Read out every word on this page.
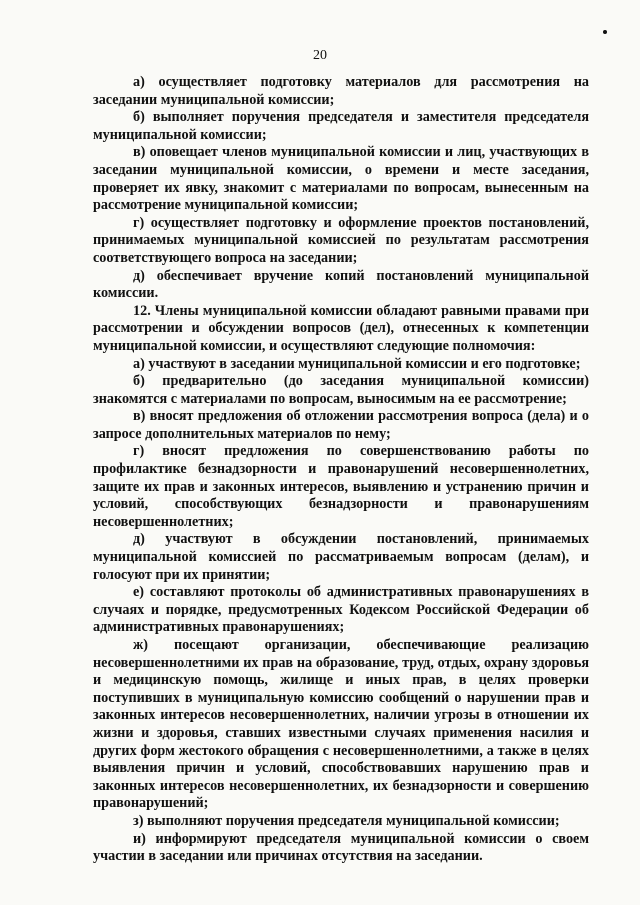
20

а) осуществляет подготовку материалов для рассмотрения на заседании муниципальной комиссии;

б) выполняет поручения председателя и заместителя председателя муниципальной комиссии;

в) оповещает членов муниципальной комиссии и лиц, участвующих в заседании муниципальной комиссии, о времени и месте заседания, проверяет их явку, знакомит с материалами по вопросам, вынесенным на рассмотрение муниципальной комиссии;

г) осуществляет подготовку и оформление проектов постановлений, принимаемых муниципальной комиссией по результатам рассмотрения соответствующего вопроса на заседании;

д) обеспечивает вручение копий постановлений муниципальной комиссии.

12. Члены муниципальной комиссии обладают равными правами при рассмотрении и обсуждении вопросов (дел), отнесенных к компетенции муниципальной комиссии, и осуществляют следующие полномочия:

а) участвуют в заседании муниципальной комиссии и его подготовке;

б) предварительно (до заседания муниципальной комиссии) знакомятся с материалами по вопросам, выносимым на ее рассмотрение;

в) вносят предложения об отложении рассмотрения вопроса (дела) и о запросе дополнительных материалов по нему;

г) вносят предложения по совершенствованию работы по профилактике безнадзорности и правонарушений несовершеннолетних, защите их прав и законных интересов, выявлению и устранению причин и условий, способствующих безнадзорности и правонарушениям несовершеннолетних;

д) участвуют в обсуждении постановлений, принимаемых муниципальной комиссией по рассматриваемым вопросам (делам), и голосуют при их принятии;

е) составляют протоколы об административных правонарушениях в случаях и порядке, предусмотренных Кодексом Российской Федерации об административных правонарушениях;

ж) посещают организации, обеспечивающие реализацию несовершеннолетними их прав на образование, труд, отдых, охрану здоровья и медицинскую помощь, жилище и иных прав, в целях проверки поступивших в муниципальную комиссию сообщений о нарушении прав и законных интересов несовершеннолетних, наличии угрозы в отношении их жизни и здоровья, ставших известными случаях применения насилия и других форм жестокого обращения с несовершеннолетними, а также в целях выявления причин и условий, способствовавших нарушению прав и законных интересов несовершеннолетних, их безнадзорности и совершению правонарушений;

з) выполняют поручения председателя муниципальной комиссии;

и) информируют председателя муниципальной комиссии о своем участии в заседании или причинах отсутствия на заседании.
